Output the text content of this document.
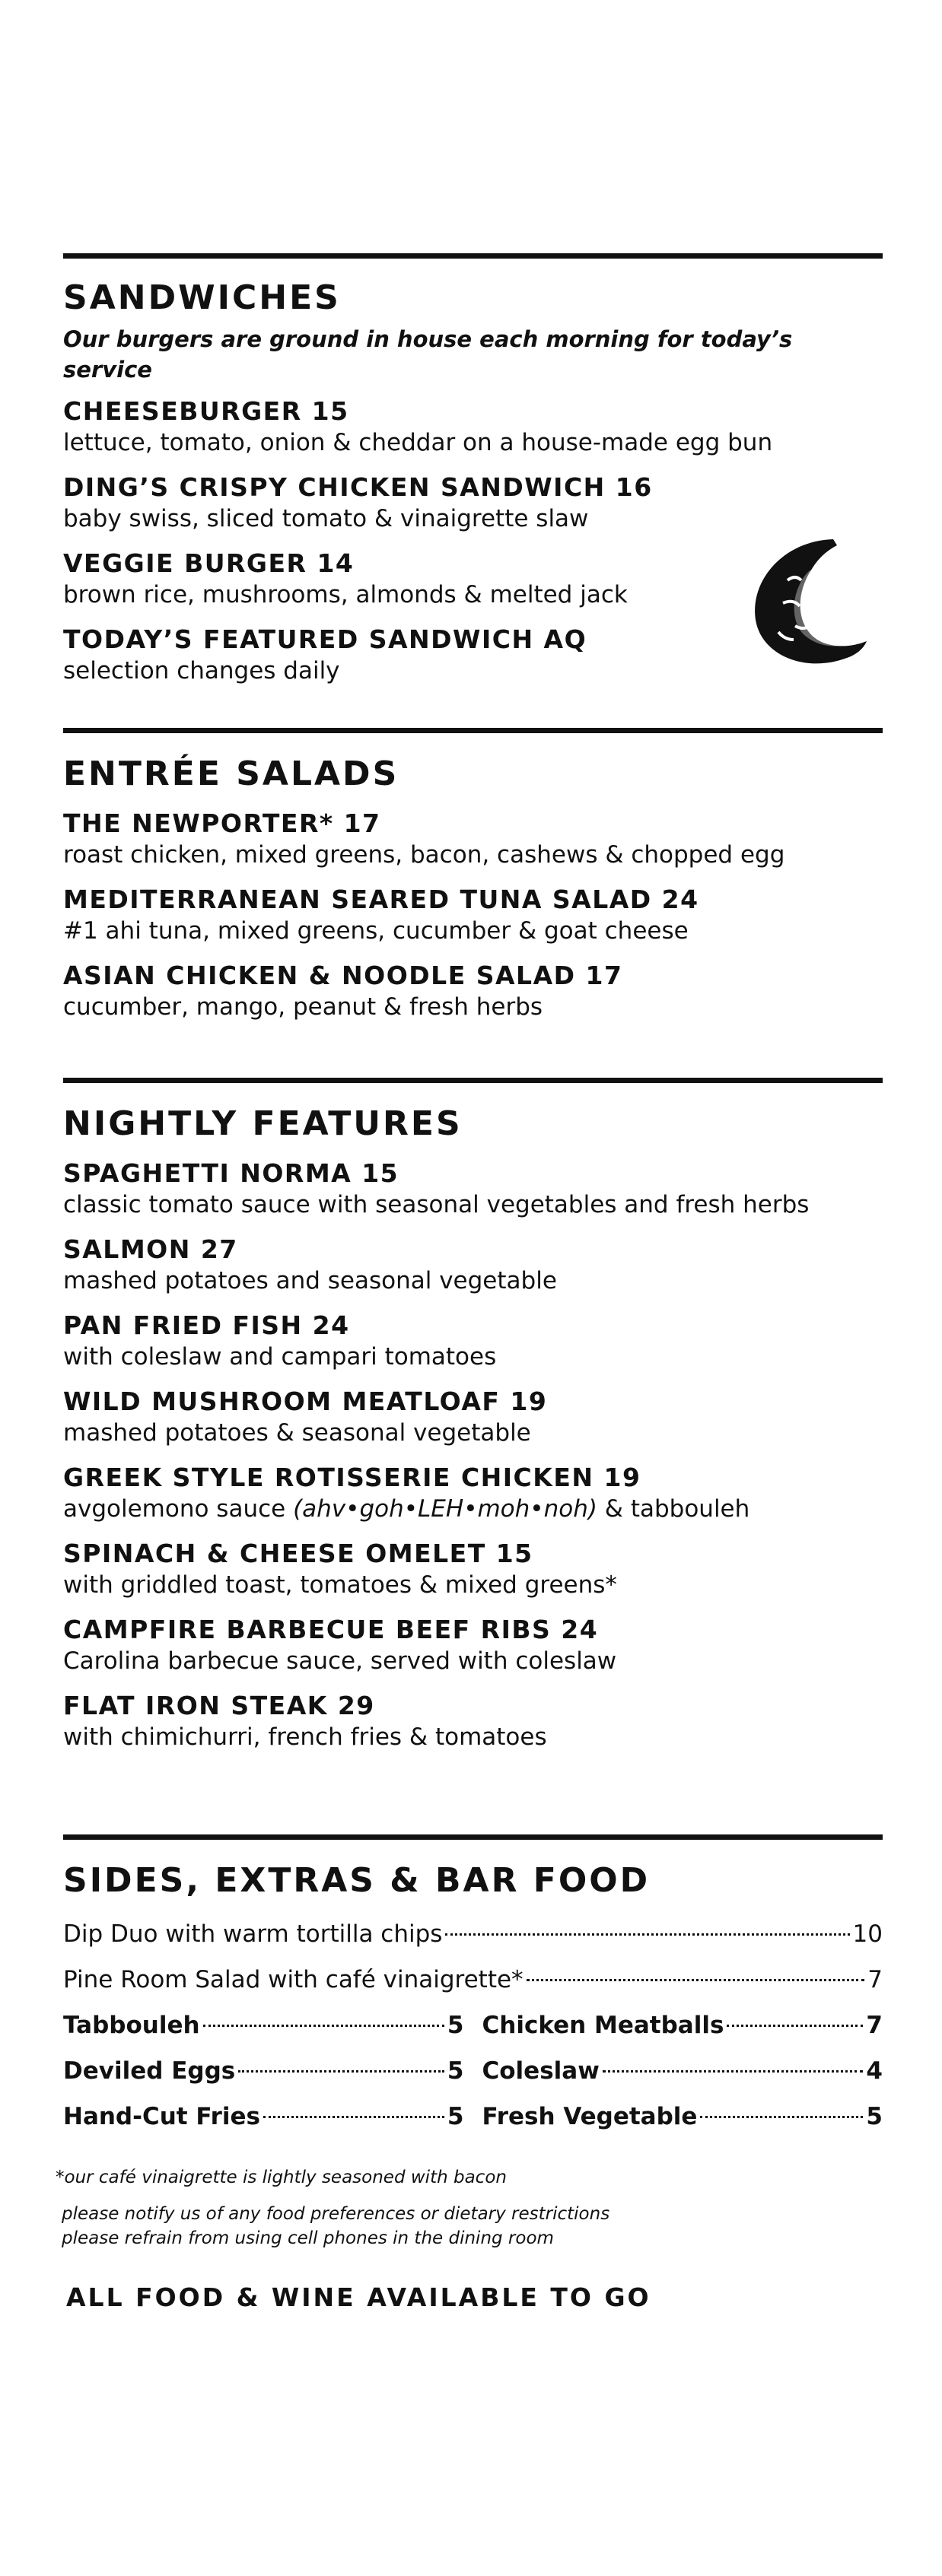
SANDWICHES
Our burgers are ground in house each morning for today’s service
CHEESEBURGER 15
lettuce, tomato, onion & cheddar on a house-made egg bun
DING’S CRISPY CHICKEN SANDWICH 16
baby swiss, sliced tomato & vinaigrette slaw
VEGGIE BURGER 14
brown rice, mushrooms, almonds & melted jack
TODAY’S FEATURED SANDWICH AQ
selection changes daily
ENTRÉE SALADS
THE NEWPORTER* 17
roast chicken, mixed greens, bacon, cashews & chopped egg
MEDITERRANEAN SEARED TUNA SALAD 24
#1 ahi tuna, mixed greens, cucumber & goat cheese
ASIAN CHICKEN & NOODLE SALAD 17
cucumber, mango, peanut & fresh herbs
NIGHTLY FEATURES
SPAGHETTI NORMA 15
classic tomato sauce with seasonal vegetables and fresh herbs
SALMON 27
mashed potatoes and seasonal vegetable
PAN FRIED FISH 24
with coleslaw and campari tomatoes
WILD MUSHROOM MEATLOAF 19
mashed potatoes & seasonal vegetable
GREEK STYLE ROTISSERIE CHICKEN 19
avgolemono sauce (ahv•goh•LEH•moh•noh) & tabbouleh
SPINACH & CHEESE OMELET 15
with griddled toast, tomatoes & mixed greens*
CAMPFIRE BARBECUE BEEF RIBS 24
Carolina barbecue sauce, served with coleslaw
FLAT IRON STEAK 29
with chimichurri, french fries & tomatoes
SIDES, EXTRAS & BAR FOOD
Dip Duo with warm tortilla chips	10
Pine Room Salad with café vinaigrette*	7
Tabbouleh	5
Deviled Eggs	5
Hand-Cut Fries	5
Chicken Meatballs	7
Coleslaw	4
Fresh Vegetable	5
*our café vinaigrette is lightly seasoned with bacon
please notify us of any food preferences or dietary restrictions
please refrain from using cell phones in the dining room
ALL FOOD & WINE AVAILABLE TO GO
